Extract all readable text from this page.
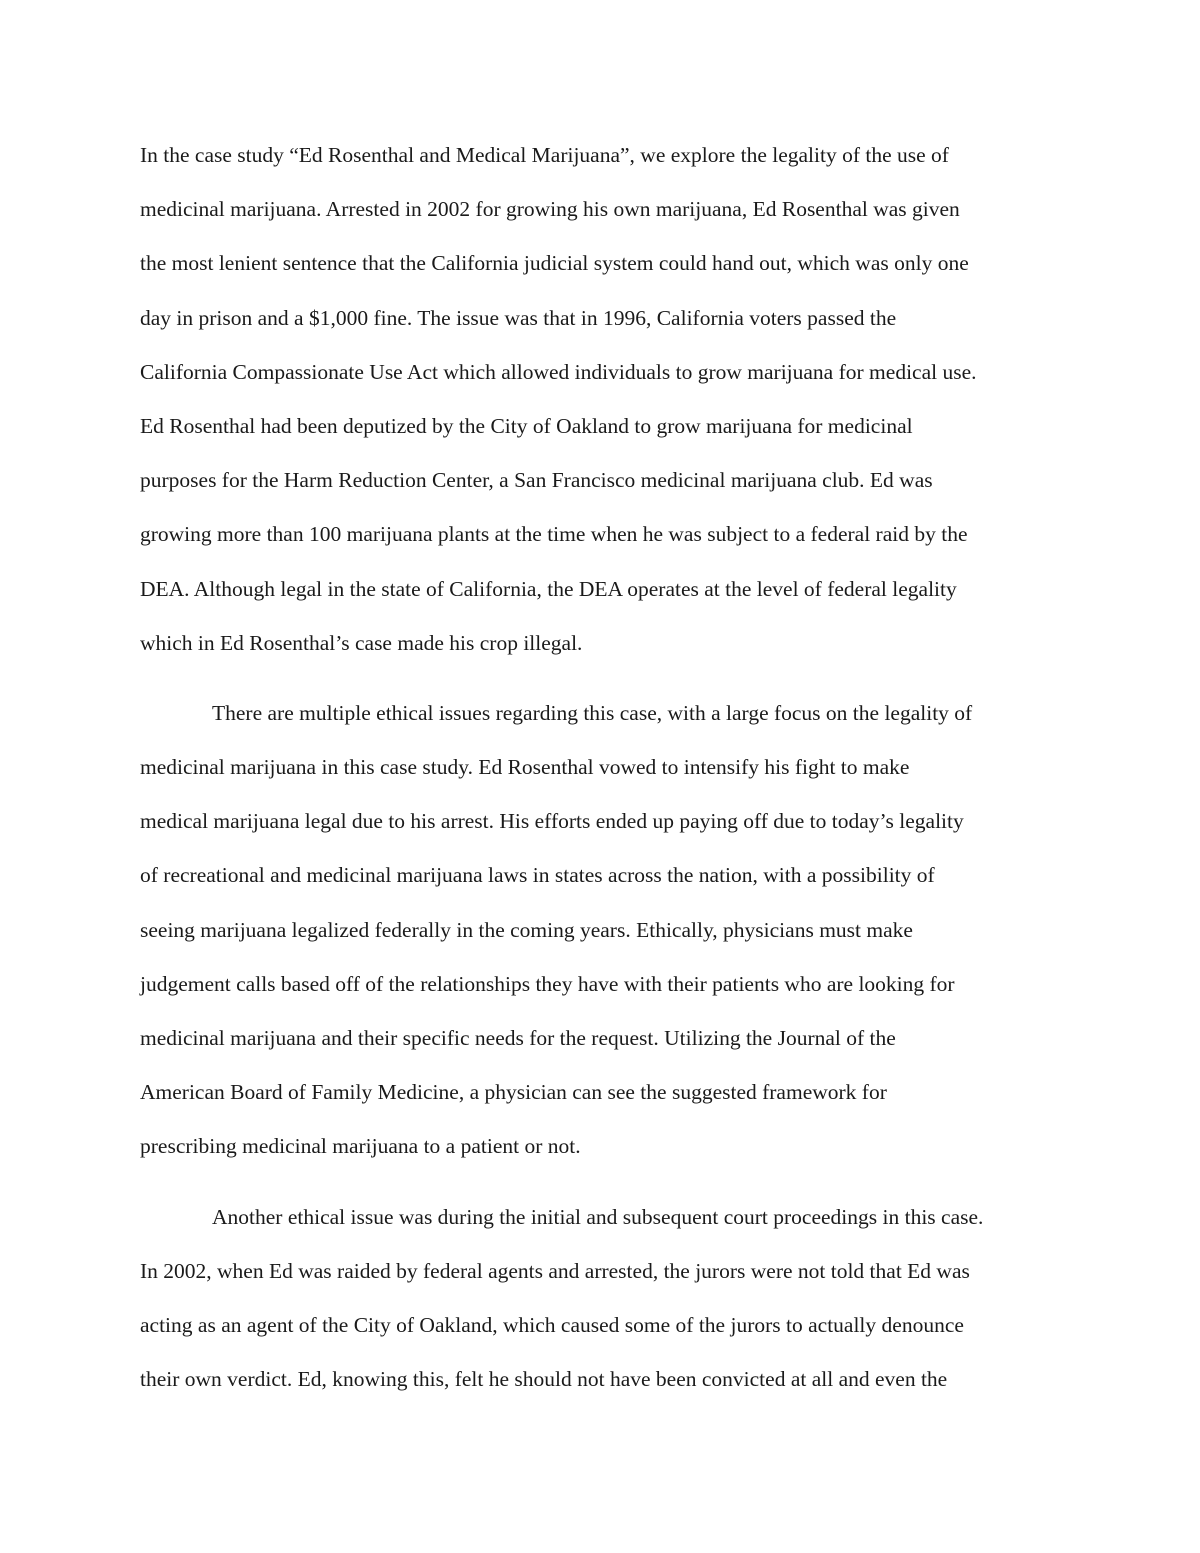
In the case study “Ed Rosenthal and Medical Marijuana”, we explore the legality of the use of
medicinal marijuana. Arrested in 2002 for growing his own marijuana, Ed Rosenthal was given
the most lenient sentence that the California judicial system could hand out, which was only one
day in prison and a $1,000 fine. The issue was that in 1996, California voters passed the
California Compassionate Use Act which allowed individuals to grow marijuana for medical use.
Ed Rosenthal had been deputized by the City of Oakland to grow marijuana for medicinal
purposes for the Harm Reduction Center, a San Francisco medicinal marijuana club. Ed was
growing more than 100 marijuana plants at the time when he was subject to a federal raid by the
DEA. Although legal in the state of California, the DEA operates at the level of federal legality
which in Ed Rosenthal’s case made his crop illegal.
There are multiple ethical issues regarding this case, with a large focus on the legality of
medicinal marijuana in this case study. Ed Rosenthal vowed to intensify his fight to make
medical marijuana legal due to his arrest. His efforts ended up paying off due to today’s legality
of recreational and medicinal marijuana laws in states across the nation, with a possibility of
seeing marijuana legalized federally in the coming years. Ethically, physicians must make
judgement calls based off of the relationships they have with their patients who are looking for
medicinal marijuana and their specific needs for the request. Utilizing the Journal of the
American Board of Family Medicine, a physician can see the suggested framework for
prescribing medicinal marijuana to a patient or not.
Another ethical issue was during the initial and subsequent court proceedings in this case.
In 2002, when Ed was raided by federal agents and arrested, the jurors were not told that Ed was
acting as an agent of the City of Oakland, which caused some of the jurors to actually denounce
their own verdict. Ed, knowing this, felt he should not have been convicted at all and even the
